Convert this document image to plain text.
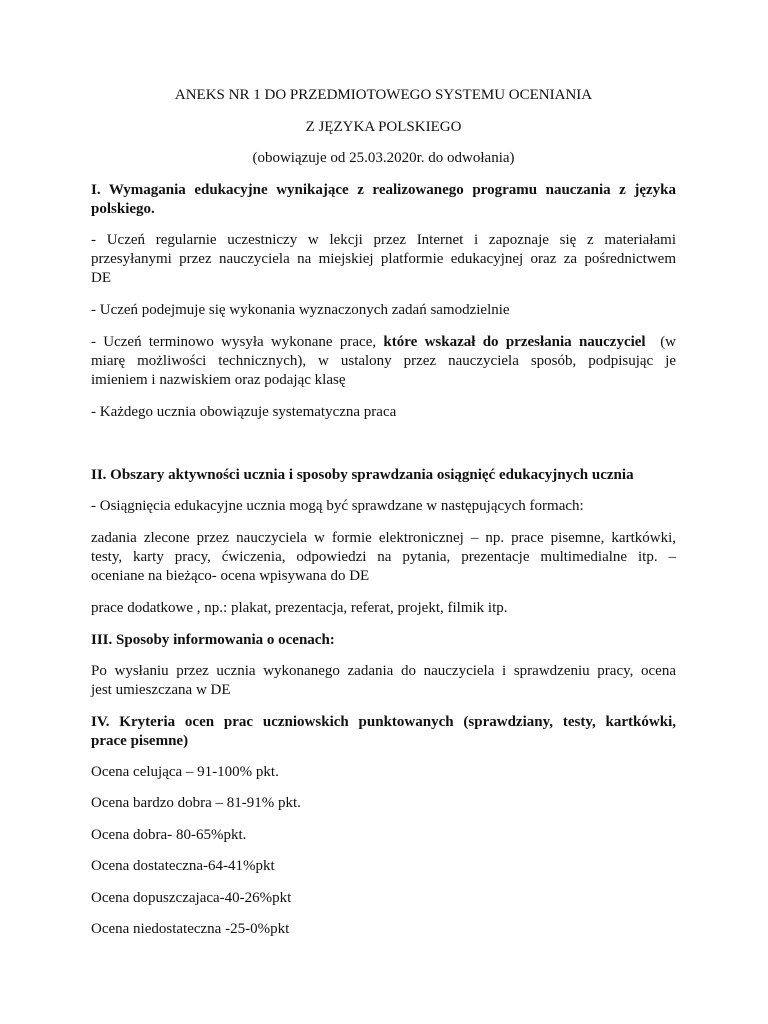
ANEKS NR 1 DO PRZEDMIOTOWEGO SYSTEMU OCENIANIA
Z JĘZYKA POLSKIEGO
(obowiązuje od 25.03.2020r. do odwołania)
I. Wymagania edukacyjne wynikające z realizowanego programu nauczania z języka
polskiego.
- Uczeń regularnie uczestniczy w lekcji przez Internet i zapoznaje się z materiałami
przesyłanymi przez nauczyciela na miejskiej platformie edukacyjnej oraz za pośrednictwem
DE
- Uczeń podejmuje się wykonania wyznaczonych zadań samodzielnie
- Uczeń terminowo wysyła wykonane prace, które wskazał do przesłania nauczyciel (w
miarę możliwości technicznych), w ustalony przez nauczyciela sposób, podpisując je
imieniem i nazwiskiem oraz podając klasę
- Każdego ucznia obowiązuje systematyczna praca
II. Obszary aktywności ucznia i sposoby sprawdzania osiągnięć edukacyjnych ucznia
- Osiągnięcia edukacyjne ucznia mogą być sprawdzane w następujących formach:
zadania zlecone przez nauczyciela w formie elektronicznej – np. prace pisemne, kartkówki,
testy, karty pracy, ćwiczenia, odpowiedzi na pytania, prezentacje multimedialne itp. –
oceniane na bieżąco- ocena wpisywana do DE
prace dodatkowe , np.: plakat, prezentacja, referat, projekt, filmik itp.
III. Sposoby informowania o ocenach:
Po wysłaniu przez ucznia wykonanego zadania do nauczyciela i sprawdzeniu pracy, ocena
jest umieszczana w DE
IV. Kryteria ocen prac uczniowskich punktowanych (sprawdziany, testy, kartkówki,
prace pisemne)
Ocena celująca – 91-100% pkt.
Ocena bardzo dobra – 81-91% pkt.
Ocena dobra- 80-65%pkt.
Ocena dostateczna-64-41%pkt
Ocena dopuszczajaca-40-26%pkt
Ocena niedostateczna -25-0%pkt
